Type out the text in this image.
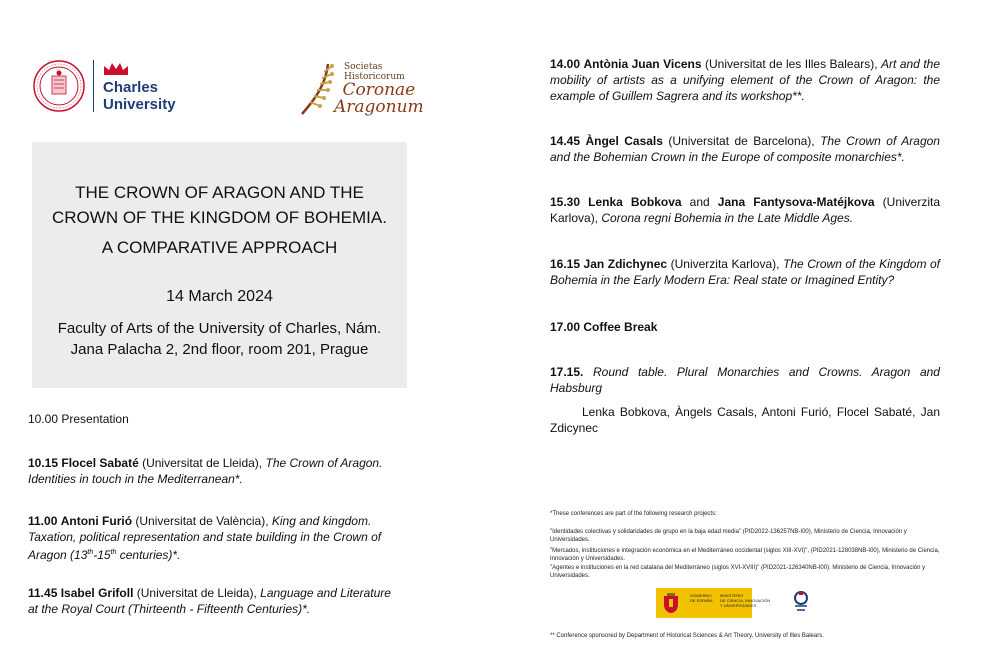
Charles
University
Societas
Historicorum
Coronae
Aragonum
THE CROWN OF ARAGON AND THE
CROWN OF THE KINGDOM OF BOHEMIA.
A COMPARATIVE APPROACH
14 March 2024
Faculty of Arts of the University of Charles, Nám.
Jana Palacha 2, 2nd floor, room 201, Prague
10.00 Presentation
10.15 Flocel Sabaté (Universitat de Lleida), The Crown of Aragon. Identities in touch in the Mediterranean*.
11.00 Antoni Furió (Universitat de València), King and kingdom. Taxation, political representation and state building in the Crown of Aragon (13th-15th centuries)*.
11.45 Isabel Grifoll (Universitat de Lleida), Language and Literature at the Royal Court (Thirteenth - Fifteenth Centuries)*.
14.00 Antònia Juan Vicens (Universitat de les Illes Balears), Art and the mobility of artists as a unifying element of the Crown of Aragon: the example of Guillem Sagrera and its workshop**.
14.45 Àngel Casals (Universitat de Barcelona), The Crown of Aragon and the Bohemian Crown in the Europe of composite monarchies*.
15.30 Lenka Bobkova and Jana Fantysova-Matéjkova (Univerzita Karlova), Corona regni Bohemia in the Late Middle Ages.
16.15 Jan Zdichynec (Univerzita Karlova), The Crown of the Kingdom of Bohemia in the Early Modern Era: Real state or Imagined Entity?
17.00 Coffee Break
17.15. Round table. Plural Monarchies and Crowns. Aragon and Habsburg
Lenka Bobkova, Àngels Casals, Antoni Furió, Flocel Sabaté, Jan Zdicynec
*These conferences are part of the following research projects:
"Identidades colectivas y solidaridades de grupo en la baja edad media" (PID2022-136257NB-I00), Ministerio de Ciencia, Innovación y Universidades.
"Mercados, instituciones e integración económica en el Mediterráneo occidental (siglos XIII-XVI)", (PID2021-128038NB-I00), Ministerio de Ciencia, Innovación y Universidades.
"Agentes e instituciones en la red catalana del Mediterráneo (siglos XVI-XVIII)" (PID2021-126340NB-I00). Ministerio de Ciencia, Innovación y Universidades.
GOBIERNO
DE ESPAÑA
MINISTERIO
DE CIENCIA, INNOVACIÓN
Y UNIVERSIDADES
** Conference sponsored by Department of Historical Sciences & Art Theory, University of Illes Balears.
